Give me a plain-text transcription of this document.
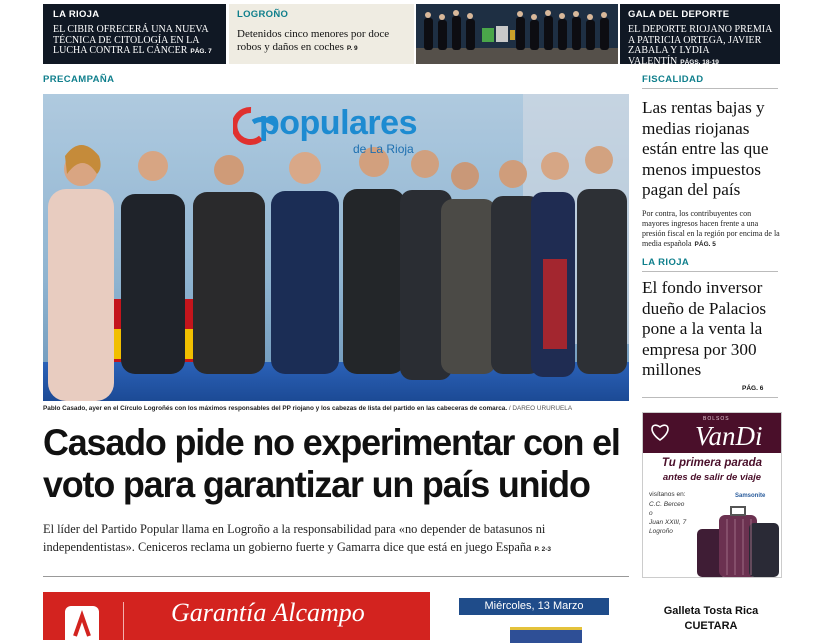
LA RIOJA
EL CIBIR OFRECERÁ UNA NUEVA TÉCNICA DE CITOLOGÍA EN LA LUCHA CONTRA EL CÁNCER PÁG. 7
LOGROÑO
Detenidos cinco menores por doce robos y daños en coches P. 9
GALA DEL DEPORTE
EL DEPORTE RIOJANO PREMIA A PATRICIA ORTEGA, JAVIER ZABALA Y LYDIA VALENTÍN PÁGS. 18-19
PRECAMPAÑA
populares
de La Rioja
Pablo Casado, ayer en el Círculo Logroñés con los máximos responsables del PP riojano y los cabezas de lista del partido en las cabeceras de comarca. / DAREO URURUELA
Casado pide no experimentar con el
voto para garantizar un país unido
El líder del Partido Popular llama en Logroño a la responsabilidad para «no depender de batasunos ni independentistas». Ceniceros reclama un gobierno fuerte y Gamarra dice que está en juego España P. 2-3
FISCALIDAD
Las rentas bajas y medias riojanas están entre las que menos impuestos pagan del país
Por contra, los contribuyentes con mayores ingresos hacen frente a una presión fiscal en la región por encima de la media española PÁG. 5
LA RIOJA
El fondo inversor dueño de Palacios pone a la venta la empresa por 300 millones
PÁG. 6
BOLSOS
VanDi
Tu primera parada
antes de salir de viaje
visítanos en:
C.C. Berceo
o
Juan XXIII, 7
Logroño
Samsonite
Garantía Alcampo	Miércoles, 13 Marzo	Galleta Tosta Rica
CUETARA
